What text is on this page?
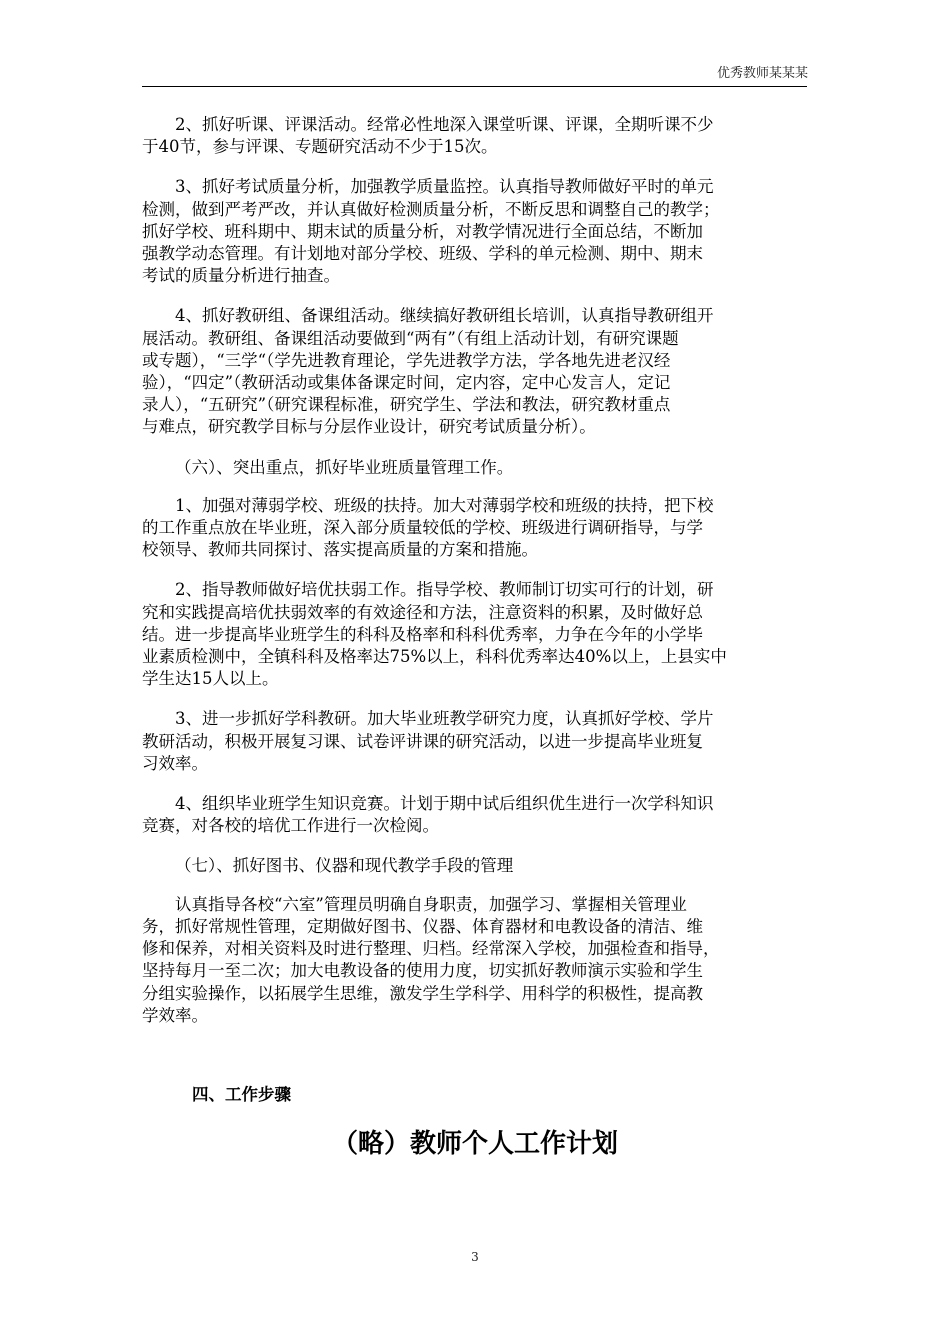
优秀教师某某某

2、抓好听课、评课活动。经常必性地深入课堂听课、评课，全期听课不少
于40节，参与评课、专题研究活动不少于15次。

3、抓好考试质量分析，加强教学质量监控。认真指导教师做好平时的单元
检测，做到严考严改，并认真做好检测质量分析，不断反思和调整自己的教学；
抓好学校、班科期中、期末试的质量分析，对教学情况进行全面总结，不断加
强教学动态管理。有计划地对部分学校、班级、学科的单元检测、期中、期末
考试的质量分析进行抽查。

4、抓好教研组、备课组活动。继续搞好教研组长培训，认真指导教研组开
展活动。教研组、备课组活动要做到“两有”（有组上活动计划，有研究课题
或专题），“三学“（学先进教育理论，学先进教学方法，学各地先进老汉经
验），“四定”（教研活动或集体备课定时间，定内容，定中心发言人，定记
录人），“五研究”（研究课程标准，研究学生、学法和教法，研究教材重点
与难点，研究教学目标与分层作业设计，研究考试质量分析）。

（六）、突出重点，抓好毕业班质量管理工作。

1、加强对薄弱学校、班级的扶持。加大对薄弱学校和班级的扶持，把下校
的工作重点放在毕业班，深入部分质量较低的学校、班级进行调研指导，与学
校领导、教师共同探讨、落实提高质量的方案和措施。

2、指导教师做好培优扶弱工作。指导学校、教师制订切实可行的计划，研
究和实践提高培优扶弱效率的有效途径和方法，注意资料的积累，及时做好总
结。进一步提高毕业班学生的科科及格率和科科优秀率，力争在今年的小学毕
业素质检测中，全镇科科及格率达75%以上，科科优秀率达40%以上，上县实中
学生达15人以上。

3、进一步抓好学科教研。加大毕业班教学研究力度，认真抓好学校、学片
教研活动，积极开展复习课、试卷评讲课的研究活动，以进一步提高毕业班复
习效率。

4、组织毕业班学生知识竞赛。计划于期中试后组织优生进行一次学科知识
竞赛，对各校的培优工作进行一次检阅。

（七）、抓好图书、仪器和现代教学手段的管理

认真指导各校“六室”管理员明确自身职责，加强学习、掌握相关管理业
务，抓好常规性管理，定期做好图书、仪器、体育器材和电教设备的清洁、维
修和保养，对相关资料及时进行整理、归档。经常深入学校，加强检查和指导，
坚持每月一至二次；加大电教设备的使用力度，切实抓好教师演示实验和学生
分组实验操作，以拓展学生思维，激发学生学科学、用科学的积极性，提高教
学效率。

四、工作步骤
（略）教师个人工作计划
3
